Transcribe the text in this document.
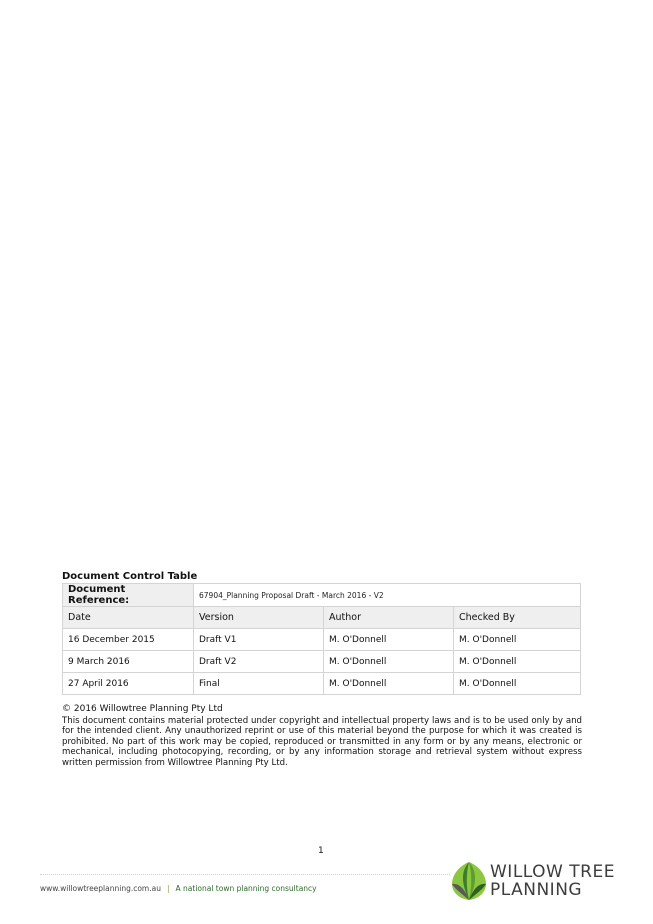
Document Control Table
Document Reference:	67904_Planning Proposal Draft - March 2016 - V2		
Date	Version	Author	Checked By
16 December 2015	Draft V1	M. O'Donnell	M. O'Donnell
9 March 2016	Draft V2	M. O'Donnell	M. O'Donnell
27 April 2016	Final	M. O'Donnell	M. O'Donnell
© 2016 Willowtree Planning Pty Ltd
This document contains material protected under copyright and intellectual property laws and is to be used only by and for the intended client. Any unauthorized reprint or use of this material beyond the purpose for which it was created is prohibited. No part of this work may be copied, reproduced or transmitted in any form or by any means, electronic or mechanical, including photocopying, recording, or by any information storage and retrieval system without express written permission from Willowtree Planning Pty Ltd.
1
www.willowtreeplanning.com.au | A national town planning consultancy
WILLOW TREE
PLANNING
